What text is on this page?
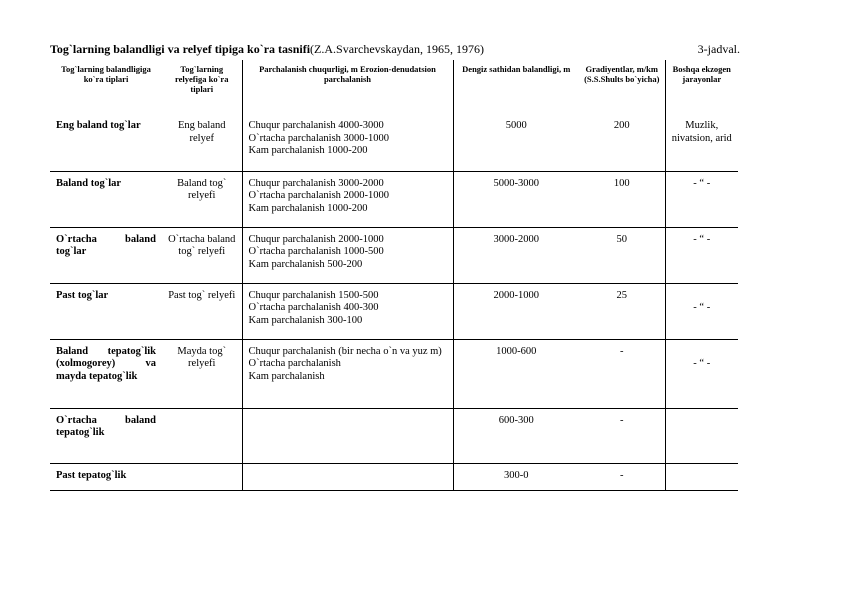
Tog`larning balandligi va relyef tipiga ko`ra tasnifi(Z.A.Svarchevskaydan, 1965, 1976)	3-jadval.
Tog`larning balandligiga ko`ra tiplari	Tog`larning relyefiga ko`ra tiplari	Parchalanish chuqurligi, m Erozion-denudatsion parchalanish	Dengiz sathidan balandligi, m	Gradiyentlar, m/km (S.S.Shults bo`yicha)	Boshqa ekzogen jarayonlar
Eng baland tog`lar	Eng baland relyef	Chuqur parchalanish 4000-3000
O`rtacha parchalanish 3000-1000
Kam parchalanish 1000-200	5000	200	Muzlik, nivatsion, arid
Baland tog`lar	Baland tog` relyefi	Chuqur parchalanish 3000-2000
O`rtacha parchalanish 2000-1000
Kam parchalanish 1000-200	5000-3000	100	- “ -
O`rtacha baland tog`lar	O`rtacha baland tog` relyefi	Chuqur parchalanish 2000-1000
O`rtacha parchalanish 1000-500
Kam parchalanish 500-200	3000-2000	50	- “ -
Past tog`lar	Past tog` relyefi	Chuqur parchalanish 1500-500
O`rtacha parchalanish 400-300
Kam parchalanish 300-100	2000-1000	25	- “ -
Baland tepatog`lik (xolmogorey) va mayda tepatog`lik	Mayda tog` relyefi	Chuqur parchalanish (bir necha o`n va yuz m)
O`rtacha parchalanish
Kam parchalanish	1000-600	-	- “ -
O`rtacha baland tepatog`lik			600-300	-	
Past tepatog`lik			300-0	-	
